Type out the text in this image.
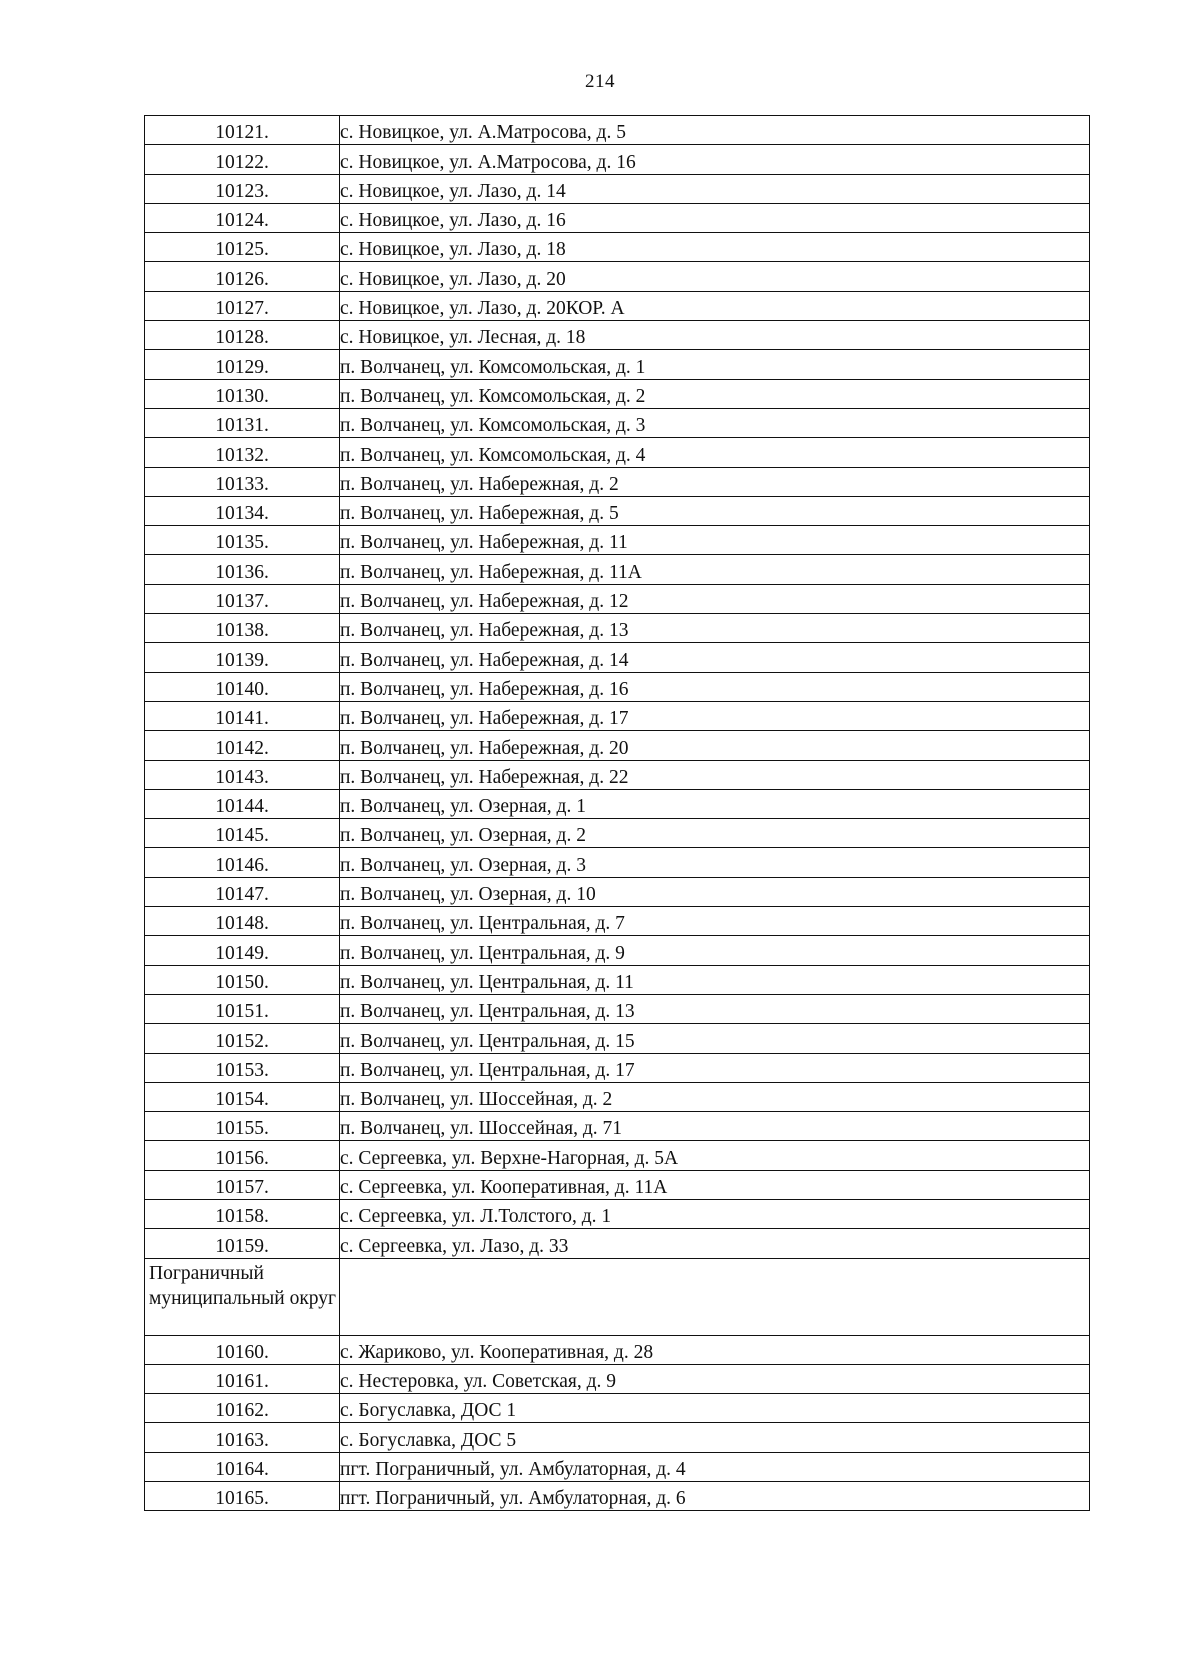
214
10121.	с. Новицкое, ул. А.Матросова, д. 5
10122.	с. Новицкое, ул. А.Матросова, д. 16
10123.	с. Новицкое, ул. Лазо, д. 14
10124.	с. Новицкое, ул. Лазо, д. 16
10125.	с. Новицкое, ул. Лазо, д. 18
10126.	с. Новицкое, ул. Лазо, д. 20
10127.	с. Новицкое, ул. Лазо, д. 20КОР. А
10128.	с. Новицкое, ул. Лесная, д. 18
10129.	п. Волчанец, ул. Комсомольская, д. 1
10130.	п. Волчанец, ул. Комсомольская, д. 2
10131.	п. Волчанец, ул. Комсомольская, д. 3
10132.	п. Волчанец, ул. Комсомольская, д. 4
10133.	п. Волчанец, ул. Набережная, д. 2
10134.	п. Волчанец, ул. Набережная, д. 5
10135.	п. Волчанец, ул. Набережная, д. 11
10136.	п. Волчанец, ул. Набережная, д. 11А
10137.	п. Волчанец, ул. Набережная, д. 12
10138.	п. Волчанец, ул. Набережная, д. 13
10139.	п. Волчанец, ул. Набережная, д. 14
10140.	п. Волчанец, ул. Набережная, д. 16
10141.	п. Волчанец, ул. Набережная, д. 17
10142.	п. Волчанец, ул. Набережная, д. 20
10143.	п. Волчанец, ул. Набережная, д. 22
10144.	п. Волчанец, ул. Озерная, д. 1
10145.	п. Волчанец, ул. Озерная, д. 2
10146.	п. Волчанец, ул. Озерная, д. 3
10147.	п. Волчанец, ул. Озерная, д. 10
10148.	п. Волчанец, ул. Центральная, д. 7
10149.	п. Волчанец, ул. Центральная, д. 9
10150.	п. Волчанец, ул. Центральная, д. 11
10151.	п. Волчанец, ул. Центральная, д. 13
10152.	п. Волчанец, ул. Центральная, д. 15
10153.	п. Волчанец, ул. Центральная, д. 17
10154.	п. Волчанец, ул. Шоссейная, д. 2
10155.	п. Волчанец, ул. Шоссейная, д. 71
10156.	с. Сергеевка, ул. Верхне-Нагорная, д. 5А
10157.	с. Сергеевка, ул. Кооперативная, д. 11А
10158.	с. Сергеевка, ул. Л.Толстого, д. 1
10159.	с. Сергеевка, ул. Лазо, д. 33
Пограничный муниципальный округ	
10160.	с. Жариково, ул. Кооперативная, д. 28
10161.	с. Нестеровка, ул. Советская, д. 9
10162.	с. Богуславка, ДОС 1
10163.	с. Богуславка, ДОС 5
10164.	пгт. Пограничный, ул. Амбулаторная, д. 4
10165.	пгт. Пограничный, ул. Амбулаторная, д. 6
